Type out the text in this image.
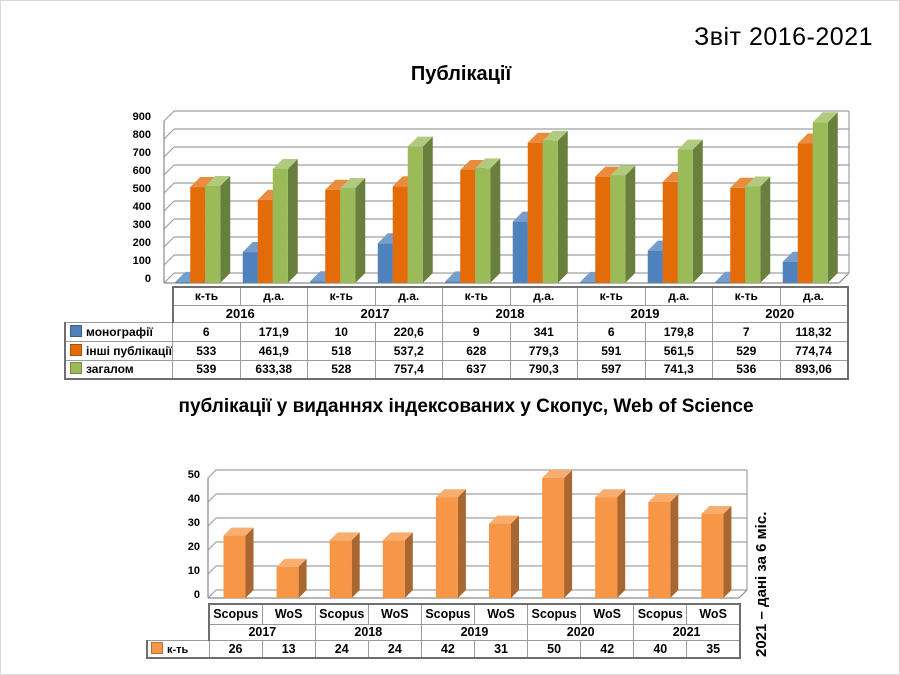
Звіт 2016-2021
Публікації
0
100
200
300
400
500
600
700
800
900
	к-ть	д.а.	к-ть	д.а.	к-ть	д.а.	к-ть	д.а.	к-ть	д.а.
	2016		2017		2018		2019		2020	
монографії	6	171,9	10	220,6	9	341	6	179,8	7	118,32
інші публікації	533	461,9	518	537,2	628	779,3	591	561,5	529	774,74
загалом	539	633,38	528	757,4	637	790,3	597	741,3	536	893,06
публікації у виданнях індексованих у Скопус, Web of Science
0
10
20
30
40
50
	Scopus	WoS	Scopus	WoS	Scopus	WoS	Scopus	WoS	Scopus	WoS
	2017		2018		2019		2020		2021	
к-ть	26	13	24	24	42	31	50	42	40	35 2021 – дані за 6 міс.
